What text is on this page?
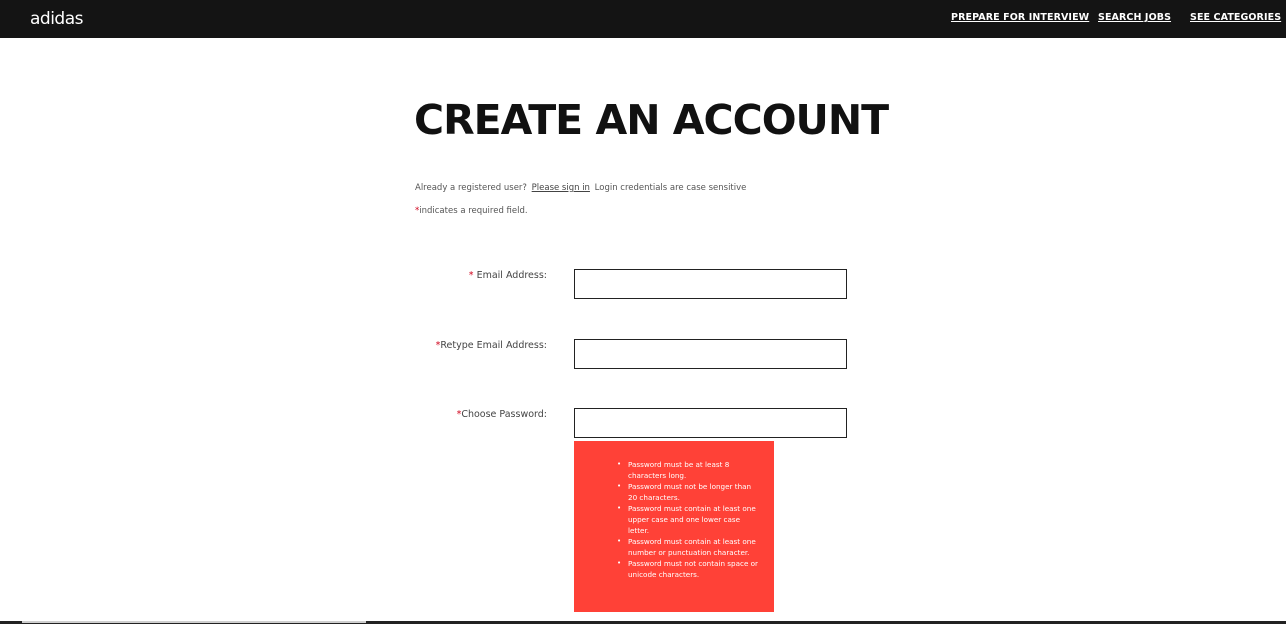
adidas	PREPARE FOR INTERVIEW SEARCH JOBS SEE CATEGORIES
CREATE AN ACCOUNT
Already a registered user? Please sign in Login credentials are case sensitive
*indicates a required field.
* Email Address:
*Retype Email Address:
*Choose Password:
• Password must be at least 8 characters long.
• Password must not be longer than 20 characters.
• Password must contain at least one upper case and one lower case letter.
• Password must contain at least one number or punctuation character.
• Password must not contain space or unicode characters.
